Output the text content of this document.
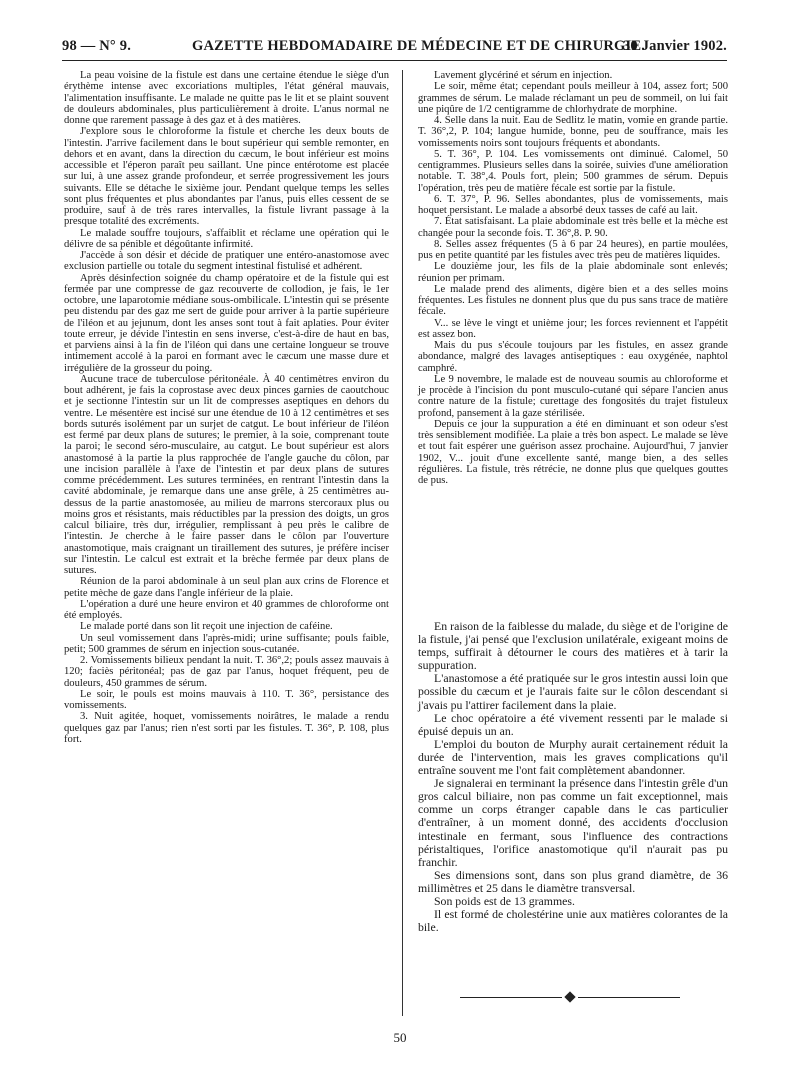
98 — N° 9.	GAZETTE HEBDOMADAIRE DE MÉDECINE ET DE CHIRURGIE.
30 Janvier 1902.

La peau voisine de la fistule est dans une certaine étendue le siège d'un érythème intense avec excoriations multiples, l'état général mauvais, l'alimentation insuffisante. Le malade ne quitte pas le lit et se plaint souvent de douleurs abdominales, plus particulièrement à droite. L'anus normal ne donne que rarement passage à des gaz et à des matières.

J'explore sous le chloroforme la fistule et cherche les deux bouts de l'intestin. J'arrive facilement dans le bout supérieur qui semble remonter, en dehors et en avant, dans la direction du cæcum, le bout inférieur est moins accessible et l'éperon paraît peu saillant. Une pince entérotome est placée sur lui, à une assez grande profondeur, et serrée progressivement les jours suivants. Elle se détache le sixième jour. Pendant quelque temps les selles sont plus fréquentes et plus abondantes par l'anus, puis elles cessent de se produire, sauf à de très rares intervalles, la fistule livrant passage à la presque totalité des excréments.

Le malade souffre toujours, s'affaiblit et réclame une opération qui le délivre de sa pénible et dégoûtante infirmité.

J'accède à son désir et décide de pratiquer une entéro-anastomose avec exclusion partielle ou totale du segment intestinal fistulisé et adhérent.

Après désinfection soignée du champ opératoire et de la fistule qui est fermée par une compresse de gaz recouverte de collodion, je fais, le 1er octobre, une laparotomie médiane sous-ombilicale. L'intestin qui se présente peu distendu par des gaz me sert de guide pour arriver à la partie supérieure de l'iléon et au jejunum, dont les anses sont tout à fait aplaties. Pour éviter toute erreur, je dévide l'intestin en sens inverse, c'est-à-dire de haut en bas, et parviens ainsi à la fin de l'iléon qui dans une certaine longueur se trouve intimement accolé à la paroi en formant avec le cæcum une masse dure et irrégulière de la grosseur du poing.

Aucune trace de tuberculose péritonéale. À 40 centimètres environ du bout adhérent, je fais la coprostase avec deux pinces garnies de caoutchouc et je sectionne l'intestin sur un lit de compresses aseptiques en dehors du ventre. Le mésentère est incisé sur une étendue de 10 à 12 centimètres et ses bords suturés isolément par un surjet de catgut. Le bout inférieur de l'iléon est fermé par deux plans de sutures; le premier, à la soie, comprenant toute la paroi; le second séro-musculaire, au catgut. Le bout supérieur est alors anastomosé à la partie la plus rapprochée de l'angle gauche du côlon, par une incision parallèle à l'axe de l'intestin et par deux plans de sutures comme précédemment. Les sutures terminées, en rentrant l'intestin dans la cavité abdominale, je remarque dans une anse grêle, à 25 centimètres au-dessus de la partie anastomosée, au milieu de marrons stercoraux plus ou moins gros et résistants, mais réductibles par la pression des doigts, un gros calcul biliaire, très dur, irrégulier, remplissant à peu près le calibre de l'intestin. Je cherche à le faire passer dans le côlon par l'ouverture anastomotique, mais craignant un tiraillement des sutures, je préfère inciser sur l'intestin. Le calcul est extrait et la brèche fermée par deux plans de sutures.

Réunion de la paroi abdominale à un seul plan aux crins de Florence et petite mèche de gaze dans l'angle inférieur de la plaie.

L'opération a duré une heure environ et 40 grammes de chloroforme ont été employés.

Le malade porté dans son lit reçoit une injection de caféine.

Un seul vomissement dans l'après-midi; urine suffisante; pouls faible, petit; 500 grammes de sérum en injection sous-cutanée.

2. Vomissements bilieux pendant la nuit. T. 36°,2; pouls assez mauvais à 120; faciès péritonéal; pas de gaz par l'anus, hoquet fréquent, peu de douleurs, 450 grammes de sérum.

Le soir, le pouls est moins mauvais à 110. T. 36°, persistance des vomissements.

3. Nuit agitée, hoquet, vomissements noirâtres, le malade a rendu quelques gaz par l'anus; rien n'est sorti par les fistules. T. 36°, P. 108, plus fort.

Lavement glycériné et sérum en injection.

Le soir, même état; cependant pouls meilleur à 104, assez fort; 500 grammes de sérum. Le malade réclamant un peu de sommeil, on lui fait une piqûre de 1/2 centigramme de chlorhydrate de morphine.

4. Selle dans la nuit. Eau de Sedlitz le matin, vomie en grande partie. T. 36°,2, P. 104; langue humide, bonne, peu de souffrance, mais les vomissements noirs sont toujours fréquents et abondants.

5. T. 36°, P. 104. Les vomissements ont diminué. Calomel, 50 centigrammes. Plusieurs selles dans la soirée, suivies d'une amélioration notable. T. 38°,4. Pouls fort, plein; 500 grammes de sérum. Depuis l'opération, très peu de matière fécale est sortie par la fistule.

6. T. 37°, P. 96. Selles abondantes, plus de vomissements, mais hoquet persistant. Le malade a absorbé deux tasses de café au lait.

7. État satisfaisant. La plaie abdominale est très belle et la mèche est changée pour la seconde fois. T. 36°,8. P. 90.

8. Selles assez fréquentes (5 à 6 par 24 heures), en partie moulées, pus en petite quantité par les fistules avec très peu de matières liquides.

Le douzième jour, les fils de la plaie abdominale sont enlevés; réunion per primam.

Le malade prend des aliments, digère bien et a des selles moins fréquentes. Les fistules ne donnent plus que du pus sans trace de matière fécale.

V... se lève le vingt et unième jour; les forces reviennent et l'appétit est assez bon.

Mais du pus s'écoule toujours par les fistules, en assez grande abondance, malgré des lavages antiseptiques : eau oxygénée, naphtol camphré.

Le 9 novembre, le malade est de nouveau soumis au chloroforme et je procède à l'incision du pont musculo-cutané qui sépare l'ancien anus contre nature de la fistule; curettage des fongosités du trajet fistuleux profond, pansement à la gaze stérilisée.

Depuis ce jour la suppuration a été en diminuant et son odeur s'est très sensiblement modifiée. La plaie a très bon aspect. Le malade se lève et tout fait espérer une guérison assez prochaine. Aujourd'hui, 7 janvier 1902, V... jouit d'une excellente santé, mange bien, a des selles régulières. La fistule, très rétrécie, ne donne plus que quelques gouttes de pus.

En raison de la faiblesse du malade, du siège et de l'origine de la fistule, j'ai pensé que l'exclusion unilatérale, exigeant moins de temps, suffirait à détourner le cours des matières et à tarir la suppuration.

L'anastomose a été pratiquée sur le gros intestin aussi loin que possible du cæcum et je l'aurais faite sur le côlon descendant si j'avais pu l'attirer facilement dans la plaie.

Le choc opératoire a été vivement ressenti par le malade si épuisé depuis un an.

L'emploi du bouton de Murphy aurait certainement réduit la durée de l'intervention, mais les graves complications qu'il entraîne souvent me l'ont fait complètement abandonner.

Je signalerai en terminant la présence dans l'intestin grêle d'un gros calcul biliaire, non pas comme un fait exceptionnel, mais comme un corps étranger capable dans le cas particulier d'entraîner, à un moment donné, des accidents d'occlusion intestinale en fermant, sous l'influence des contractions péristaltiques, l'orifice anastomotique qu'il n'aurait pas pu franchir.

Ses dimensions sont, dans son plus grand diamètre, de 36 millimètres et 25 dans le diamètre transversal.

Son poids est de 13 grammes.

Il est formé de cholestérine unie aux matières colorantes de la bile.

50
